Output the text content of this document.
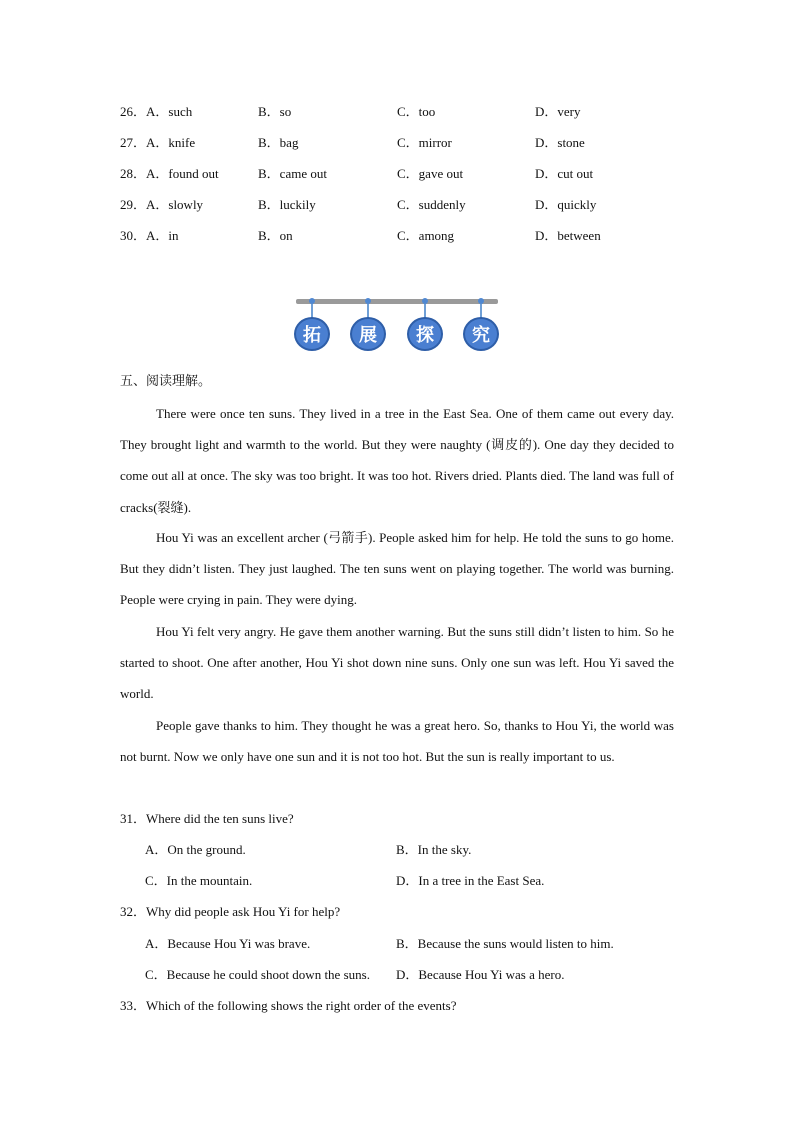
26． A．such	B．so	C．too	D．very
27． A．knife	B．bag	C．mirror	D．stone
28． A．found out	B．came out	C．gave out	D．cut out
29． A．slowly	B．luckily	C．suddenly	D．quickly
30． A．in	B．on	C．among	D．between
拓	展	探	究
五、阅读理解。

There were once ten suns. They lived in a tree in the East Sea. One of them came out every day. They brought light and warmth to the world. But they were naughty (调皮的). One day they decided to come out all at once. The sky was too bright. It was too hot. Rivers dried. Plants died. The land was full of cracks(裂缝).

Hou Yi was an excellent archer (弓箭手). People asked him for help. He told the suns to go home. But they didn’t listen. They just laughed. The ten suns went on playing together. The world was burning. People were crying in pain. They were dying.

Hou Yi felt very angry. He gave them another warning. But the suns still didn’t listen to him. So he started to shoot. One after another, Hou Yi shot down nine suns. Only one sun was left. Hou Yi saved the world.

People gave thanks to him. They thought he was a great hero. So, thanks to Hou Yi, the world was not burnt. Now we only have one sun and it is not too hot. But the sun is really important to us.

31．Where did the ten suns live?
A．On the ground.	B．In the sky.
C．In the mountain.	D．In a tree in the East Sea.
32．Why did people ask Hou Yi for help?
A．Because Hou Yi was brave.	B．Because the suns would listen to him.
C．Because he could shoot down the suns. D．Because Hou Yi was a hero.
33．Which of the following shows the right order of the events?
